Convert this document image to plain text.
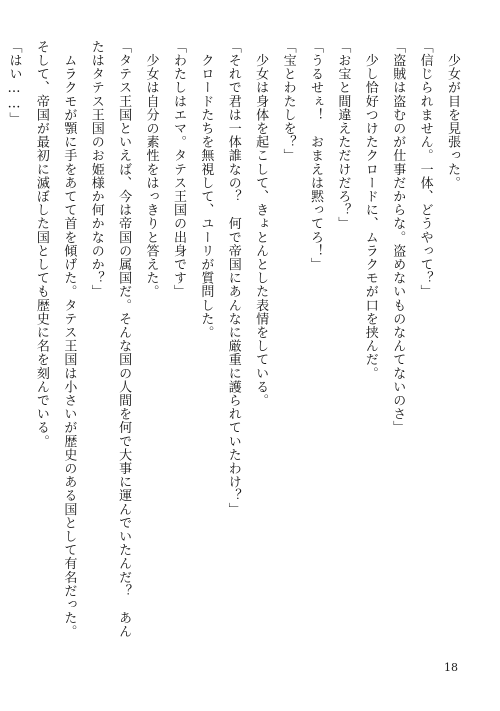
　少女が目を見張った。
「信じられません。一体、どうやって？」
「盗賊は盗むのが仕事だからな。盗めないものなんてないのさ」
　少し恰好つけたクロードに、ムラクモが口を挟んだ。
「お宝と間違えただけだろ？」
「うるせぇ！　おまえは黙ってろ！」
「宝とわたしを？」
　少女は身体を起こして、きょとんとした表情をしている。
「それで君は一体誰なの？　何で帝国にあんなに厳重に護られていたわけ？」
　クロードたちを無視して、ユーリが質問した。
「わたしはエマ。タテス王国の出身です」
　少女は自分の素性をはっきりと答えた。
「タテス王国といえば、今は帝国の属国だ。そんな国の人間を何で大事に運んでいたんだ？　あん
たはタテス王国のお姫様か何かなのか？」
　ムラクモが顎に手をあてて首を傾げた。タテス王国は小さいが歴史のある国として有名だった。
そして、帝国が最初に滅ぼした国としても歴史に名を刻んでいる。
「はい……」
18
